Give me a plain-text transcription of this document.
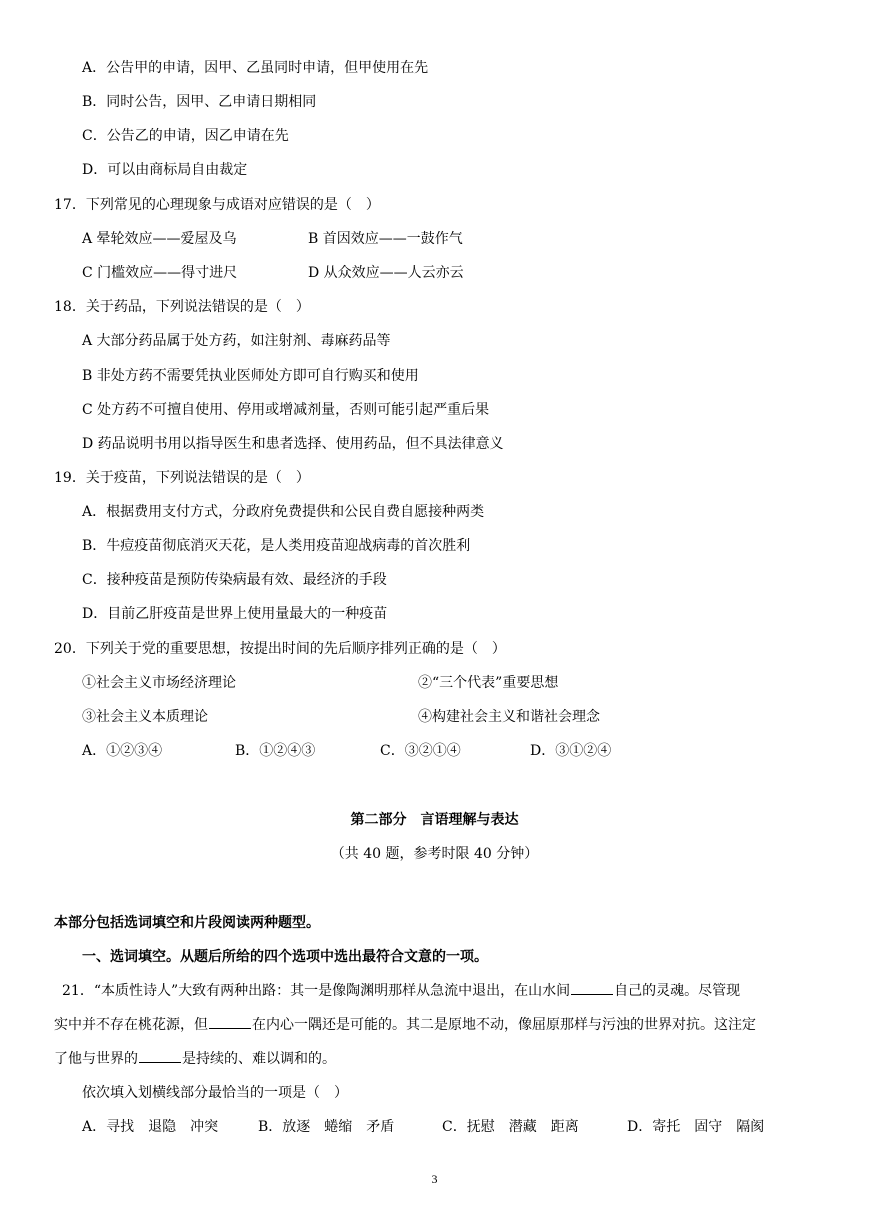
A．公告甲的申请，因甲、乙虽同时申请，但甲使用在先
B．同时公告，因甲、乙申请日期相同
C．公告乙的申请，因乙申请在先
D．可以由商标局自由裁定
17．下列常见的心理现象与成语对应错误的是（　）
A 晕轮效应——爱屋及乌	B 首因效应——一鼓作气
C 门槛效应——得寸进尺	D 从众效应——人云亦云
18．关于药品，下列说法错误的是（　）
A 大部分药品属于处方药，如注射剂、毒麻药品等
B 非处方药不需要凭执业医师处方即可自行购买和使用
C 处方药不可擅自使用、停用或增减剂量，否则可能引起严重后果
D 药品说明书用以指导医生和患者选择、使用药品，但不具法律意义
19．关于疫苗，下列说法错误的是（　）
A．根据费用支付方式，分政府免费提供和公民自费自愿接种两类
B．牛痘疫苗彻底消灭天花，是人类用疫苗迎战病毒的首次胜利
C．接种疫苗是预防传染病最有效、最经济的手段
D．目前乙肝疫苗是世界上使用量最大的一种疫苗
20．下列关于党的重要思想，按提出时间的先后顺序排列正确的是（　）
①社会主义市场经济理论	②“三个代表”重要思想
③社会主义本质理论	④构建社会主义和谐社会理念
A．①②③④	B．①②④③	C．③②①④	D．③①②④
第二部分　言语理解与表达
（共 40 题，参考时限 40 分钟）
本部分包括选词填空和片段阅读两种题型。
一、选词填空。从题后所给的四个选项中选出最符合文意的一项。
21．“本质性诗人”大致有两种出路：其一是像陶渊明那样从急流中退出，在山水间	自己的灵魂。尽管现
实中并不存在桃花源，但	在内心一隅还是可能的。其二是原地不动，像屈原那样与污浊的世界对抗。这注定
了他与世界的	是持续的、难以调和的。
依次填入划横线部分最恰当的一项是（　）
A．寻找　退隐　冲突	B．放逐　蜷缩　矛盾	C．抚慰　潜藏　距离	D．寄托　固守　隔阂
3
